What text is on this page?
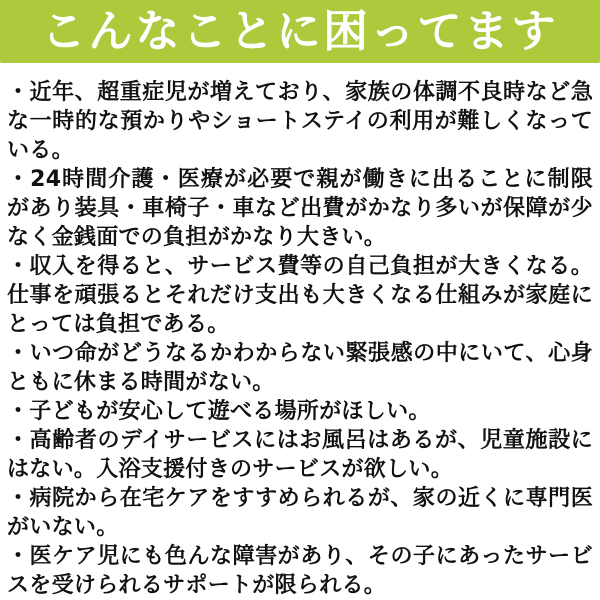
こんなことに困ってます

・近年、超重症児が増えており、家族の体調不良時など急な一時的な預かりやショートステイの利用が難しくなっている。

・24時間介護・医療が必要で親が働きに出ることに制限があり装具・車椅子・車など出費がかなり多いが保障が少なく金銭面での負担がかなり大きい。

・収入を得ると、サービス費等の自己負担が大きくなる。仕事を頑張るとそれだけ支出も大きくなる仕組みが家庭にとっては負担である。

・いつ命がどうなるかわからない緊張感の中にいて、心身ともに休まる時間がない。

・子どもが安心して遊べる場所がほしい。

・高齢者のデイサービスにはお風呂はあるが、児童施設にはない。入浴支援付きのサービスが欲しい。

・病院から在宅ケアをすすめられるが、家の近くに専門医がいない。

・医ケア児にも色んな障害があり、その子にあったサービスを受けられるサポートが限られる。
